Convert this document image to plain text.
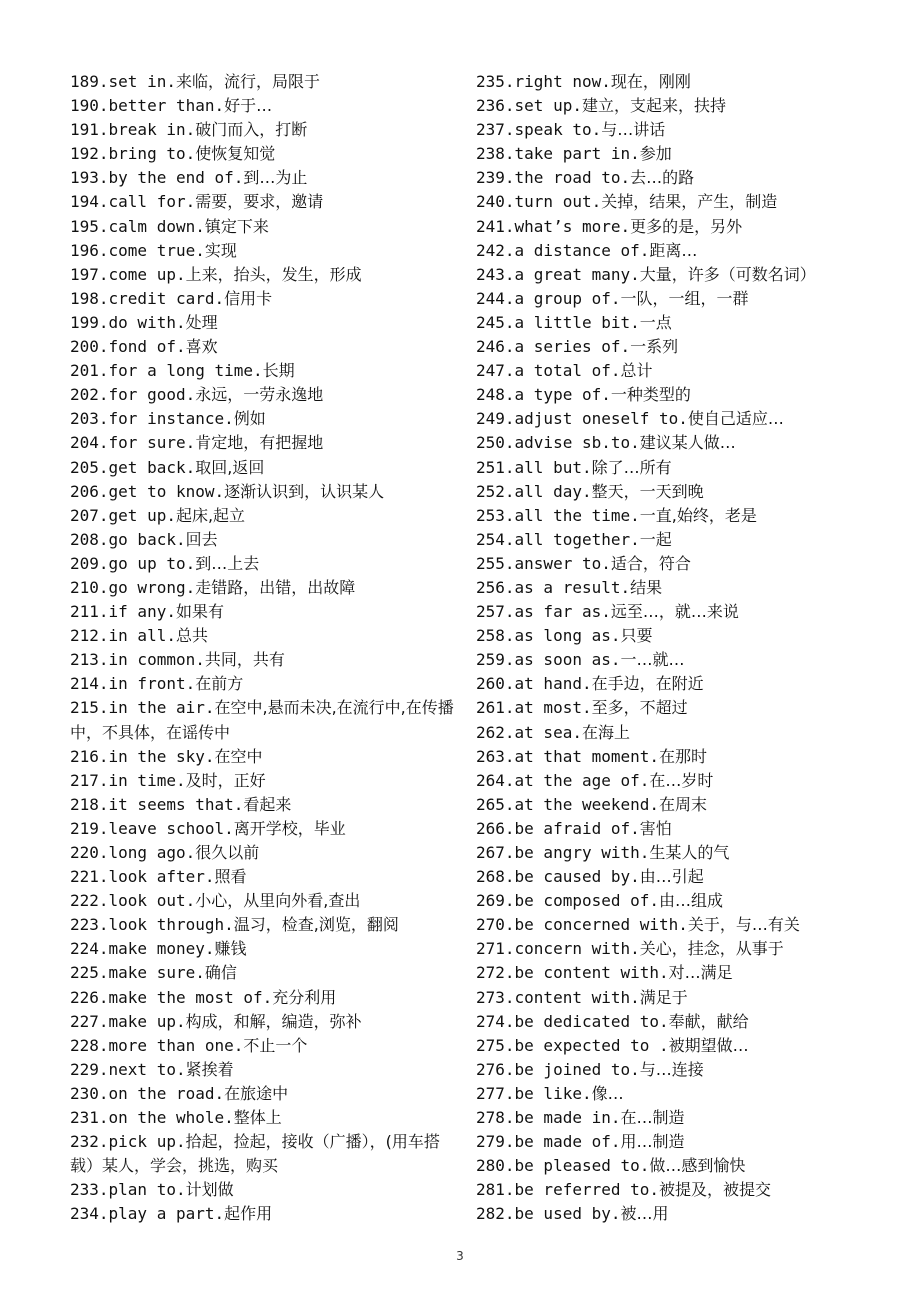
189.set in.来临，流行，局限于
190.better than.好于…
191.break in.破门而入，打断
192.bring to.使恢复知觉
193.by the end of.到…为止
194.call for.需要，要求，邀请
195.calm down.镇定下来
196.come true.实现
197.come up.上来，抬头，发生，形成
198.credit card.信用卡
199.do with.处理
200.fond of.喜欢
201.for a long time.长期
202.for good.永远，一劳永逸地
203.for instance.例如
204.for sure.肯定地，有把握地
205.get back.取回,返回
206.get to know.逐渐认识到，认识某人
207.get up.起床,起立
208.go back.回去
209.go up to.到…上去
210.go wrong.走错路，出错，出故障
211.if any.如果有
212.in all.总共
213.in common.共同，共有
214.in front.在前方
215.in the air.在空中,悬而未决,在流行中,在传播中，不具体，在谣传中
216.in the sky.在空中
217.in time.及时，正好
218.it seems that.看起来
219.leave school.离开学校，毕业
220.long ago.很久以前
221.look after.照看
222.look out.小心，从里向外看,查出
223.look through.温习，检查,浏览，翻阅
224.make money.赚钱
225.make sure.确信
226.make the most of.充分利用
227.make up.构成，和解，编造，弥补
228.more than one.不止一个
229.next to.紧挨着
230.on the road.在旅途中
231.on the whole.整体上
232.pick up.拾起，捡起，接收（广播），(用车搭载）某人，学会，挑选，购买
233.plan to.计划做
234.play a part.起作用
235.right now.现在，刚刚
236.set up.建立，支起来，扶持
237.speak to.与…讲话
238.take part in.参加
239.the road to.去…的路
240.turn out.关掉，结果，产生，制造
241.what’s more.更多的是，另外
242.a distance of.距离…
243.a great many.大量，许多（可数名词）
244.a group of.一队，一组，一群
245.a little bit.一点
246.a series of.一系列
247.a total of.总计
248.a type of.一种类型的
249.adjust oneself to.使自己适应…
250.advise sb.to.建议某人做…
251.all but.除了…所有
252.all day.整天，一天到晚
253.all the time.一直,始终，老是
254.all together.一起
255.answer to.适合，符合
256.as a result.结果
257.as far as.远至…，就…来说
258.as long as.只要
259.as soon as.一…就…
260.at hand.在手边，在附近
261.at most.至多，不超过
262.at sea.在海上
263.at that moment.在那时
264.at the age of.在…岁时
265.at the weekend.在周末
266.be afraid of.害怕
267.be angry with.生某人的气
268.be caused by.由…引起
269.be composed of.由…组成
270.be concerned with.关于，与…有关
271.concern with.关心，挂念，从事于
272.be content with.对…满足
273.content with.满足于
274.be dedicated to.奉献，献给
275.be expected to .被期望做…
276.be joined to.与…连接
277.be like.像…
278.be made in.在…制造
279.be made of.用…制造
280.be pleased to.做…感到愉快
281.be referred to.被提及，被提交
282.be used by.被…用
3
